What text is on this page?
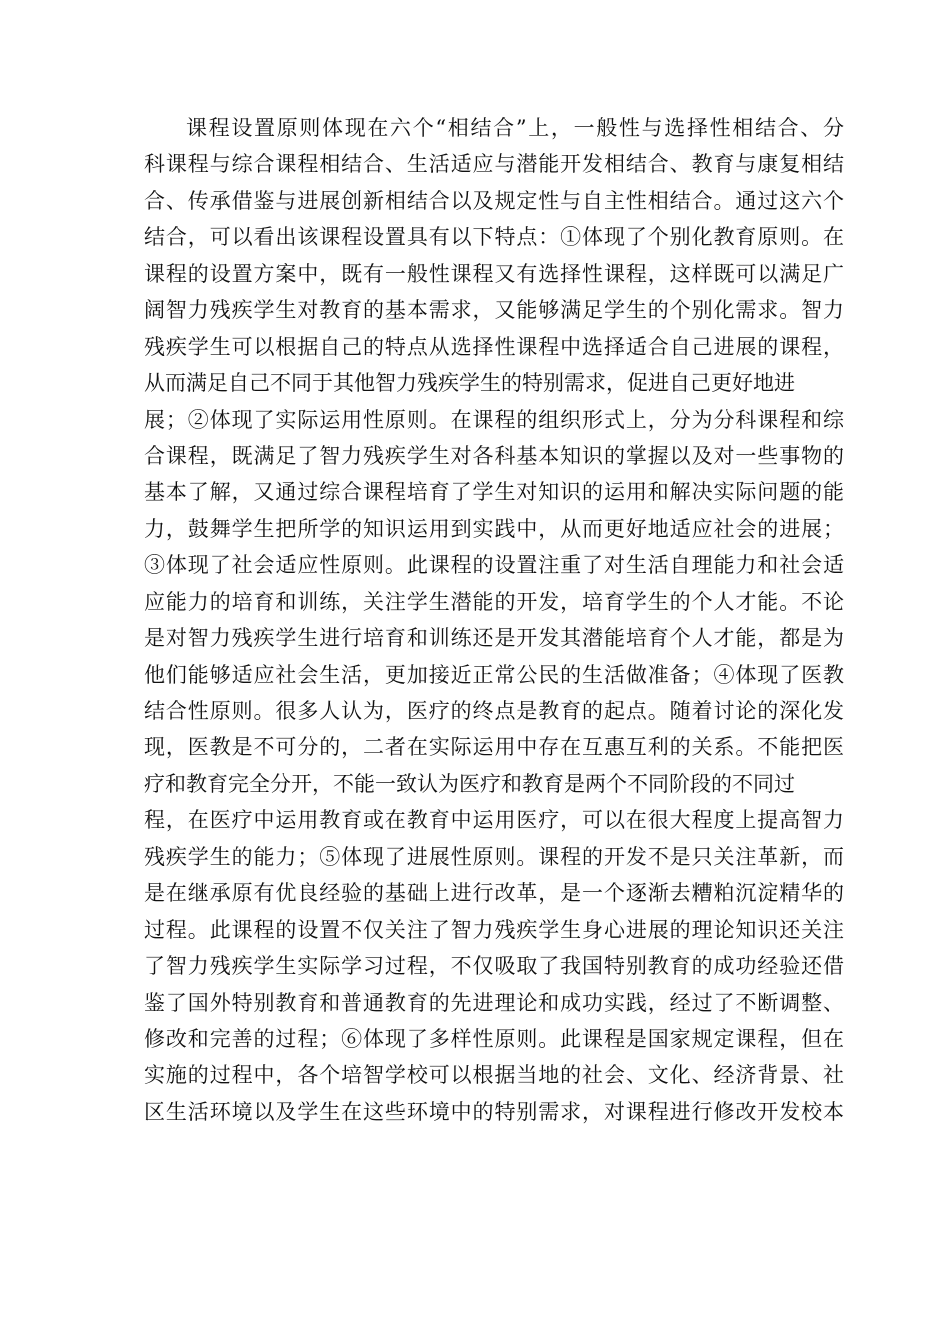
课程设置原则体现在六个“相结合”上，一般性与选择性相结合、分
科课程与综合课程相结合、生活适应与潜能开发相结合、教育与康复相结
合、传承借鉴与进展创新相结合以及规定性与自主性相结合。通过这六个
结合，可以看出该课程设置具有以下特点：①体现了个别化教育原则。在
课程的设置方案中，既有一般性课程又有选择性课程，这样既可以满足广
阔智力残疾学生对教育的基本需求，又能够满足学生的个别化需求。智力
残疾学生可以根据自己的特点从选择性课程中选择适合自己进展的课程，
从而满足自己不同于其他智力残疾学生的特别需求，促进自己更好地进
展；②体现了实际运用性原则。在课程的组织形式上，分为分科课程和综
合课程，既满足了智力残疾学生对各科基本知识的掌握以及对一些事物的
基本了解，又通过综合课程培育了学生对知识的运用和解决实际问题的能
力，鼓舞学生把所学的知识运用到实践中，从而更好地适应社会的进展；
③体现了社会适应性原则。此课程的设置注重了对生活自理能力和社会适
应能力的培育和训练，关注学生潜能的开发，培育学生的个人才能。不论
是对智力残疾学生进行培育和训练还是开发其潜能培育个人才能，都是为
他们能够适应社会生活，更加接近正常公民的生活做准备；④体现了医教
结合性原则。很多人认为，医疗的终点是教育的起点。随着讨论的深化发
现，医教是不可分的，二者在实际运用中存在互惠互利的关系。不能把医
疗和教育完全分开，不能一致认为医疗和教育是两个不同阶段的不同过
程，在医疗中运用教育或在教育中运用医疗，可以在很大程度上提高智力
残疾学生的能力；⑤体现了进展性原则。课程的开发不是只关注革新，而
是在继承原有优良经验的基础上进行改革，是一个逐渐去糟粕沉淀精华的
过程。此课程的设置不仅关注了智力残疾学生身心进展的理论知识还关注
了智力残疾学生实际学习过程，不仅吸取了我国特别教育的成功经验还借
鉴了国外特别教育和普通教育的先进理论和成功实践，经过了不断调整、
修改和完善的过程；⑥体现了多样性原则。此课程是国家规定课程，但在
实施的过程中，各个培智学校可以根据当地的社会、文化、经济背景、社
区生活环境以及学生在这些环境中的特别需求，对课程进行修改开发校本
